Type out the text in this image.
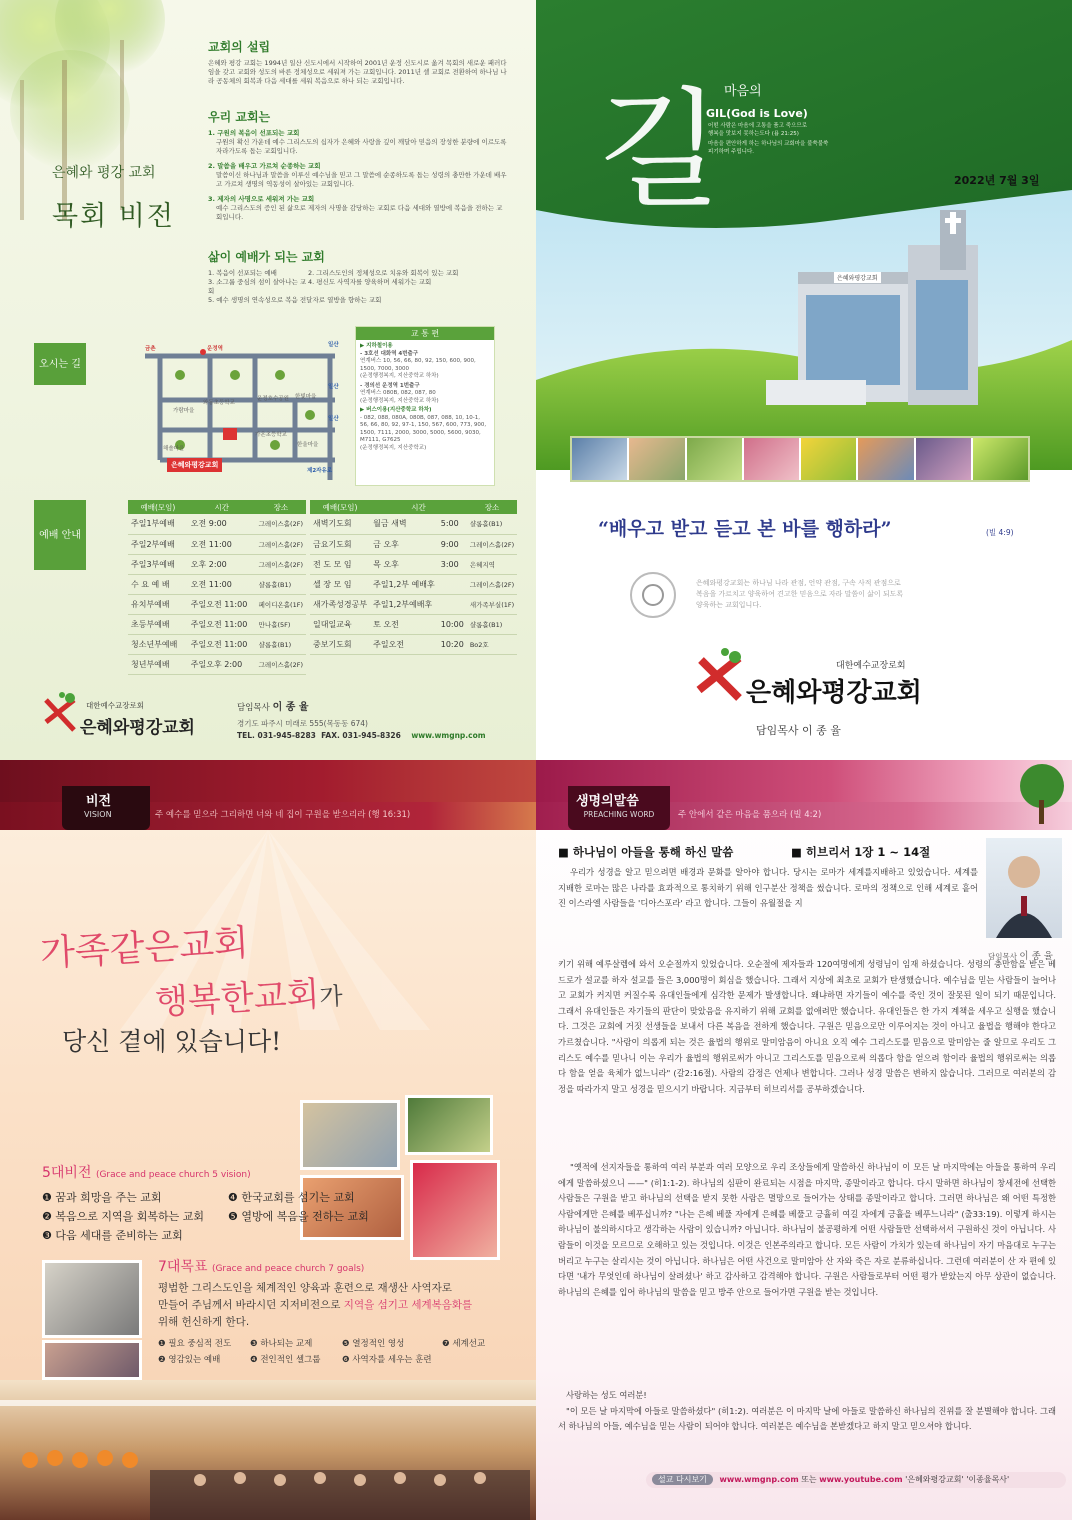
은혜와 평강 교회
목회 비전
교회의 설립
은혜와 평강 교회는 1994년 일산 신도시에서 시작하여 2001년 운정 신도시로 옮겨 목회의 새로운 패러다임을 갖고 교회와 성도의 바른 정체성으로 세워져 가는 교회입니다. 2011년 셀 교회로 전환하여 하나님 나라 공동체의 회복과 다음 세대를 세워 복음으로 하나 되는 교회입니다.
우리 교회는
1. 구원의 복음이 선포되는 교회
구원의 확신 가운데 예수 그리스도의 십자가 은혜와 사랑을 깊이 깨달아 믿음의 장성한 분량에 이르도록 자라가도록 돕는 교회입니다.
2. 말씀을 배우고 가르쳐 순종하는 교회
말씀이신 하나님과 말씀을 이루신 예수님을 믿고 그 말씀에 순종하도록 돕는 성령의 충만한 가운데 배우고 가르쳐 생명의 역동성이 살아있는 교회입니다.
3. 제자의 사명으로 세워져 가는 교회
예수 그리스도의 증인 된 삶으로 제자의 사명을 감당하는 교회로 다음 세대와 열방에 복음을 전하는 교회입니다.
삶이 예배가 되는 교회
1. 복음이 선포되는 예배	2. 그리스도인의 정체성으로 치유와 회복이 있는 교회
3. 소그룹 중심의 섬이 살아나는 교회
4. 평신도 사역자를 양육하며 세워가는 교회
5. 예수 생명의 연속성으로 복음 전달자로 열방을 향하는 교회
오시는 길
금촌	운정역
일산
일산
일산
제2자유로
가람마을
와동초등학교
운정호수공원 한빛마을
해솔마을
가온초등학교
한울마을
은혜와평강교회
교 통 편
▶ 지하철이용
- 3호선 대화역 4번출구
연계버스 10, 56, 66, 80, 92, 150, 600, 900, 1500, 7000, 3000
(운정행정복지, 지산중학교 하차)
- 경의선 운정역 1번출구
연계버스 080B, 082, 087, 80
(운정행정복지, 지산중학교 하차)
▶ 버스이용(지산중학교 하차)
- 082, 088, 080A, 080B, 087, 088, 10, 10-1, 56, 66, 80, 92, 97-1, 150, 567, 600, 773, 900, 1500, 7111, 2000, 3000, 5000, 5600, 9030, M7111, G7625
(운정행정복지, 지산중학교)
예배 안내
예배(모임)	시간	장소
주일1부예배	오전 9:00	그레이스홀(2F)
주일2부예배	오전 11:00	그레이스홀(2F)
주일3부예배	오후 2:00	그레이스홀(2F)
수 요 예 배	오전 11:00	샬롬홀(B1)
유치부예배	주일오전 11:00	페이디온홀(1F)
초등부예배	주일오전 11:00	만나홀(5F)
청소년부예배	주일오전 11:00	샬롬홀(B1)
청년부예배	주일오후 2:00	그레이스홀(2F)
예배(모임)	시간		장소
새벽기도회	월금 새벽	5:00	샬롬홀(B1)
금요기도회	금 오후	9:00	그레이스홀(2F)
전 도 모 임	목 오후	3:00	은혜지역
셀 장 모 임	주일1,2부 예배후		그레이스홀(2F)
새가족성경공부	주일1,2부예배후		새가족부실(1F)
일대일교육	토 오전	10:00	샬롬홀(B1)
중보기도회	주일오전	10:20	Bo2호
대한예수교장로회
은혜와평강교회
담임목사 이 종 율
경기도 파주시 미래로 555(목동동 674)
TEL. 031-945-8283 FAX. 031-945-8326 www.wmgnp.com
길 마음의
GIL(God is Love)
어떤 사람은 마음에 고통을 품고 죽으므로
행복을 맛보지 못하는도다 (욥 21:25)
마음을 편안하게 하는 하나님의 교회마을 불쑥불쑥
피기하며 주립니다.
2022년 7월 3일
은혜와평강교회
“배우고 받고 듣고 본 바를 행하라”	(빌 4:9)
은혜와평강교회는 하나님 나라 관점, 언약 관점, 구속 사적 관점으로
복음을 가르치고 양육하여 견고한 믿음으로 자라 말씀이 삶이 되도록
양육하는 교회입니다.
대한예수교장로회
은혜와평강교회
담임목사 이 종 율
비전
VISION	주 예수를 믿으라 그리하면 너와 네 집이 구원을 받으리라 (행 16:31)
가족같은교회
행복한교회가
당신 곁에 있습니다!
5대비전 (Grace and peace church 5 vision)
❶ 꿈과 희망을 주는 교회
❷ 복음으로 지역을 회복하는 교회
❸ 다음 세대를 준비하는 교회
❹ 한국교회를 섬기는 교회
❺ 열방에 복음을 전하는 교회
7대목표 (Grace and peace church 7 goals)
평범한 그리스도인을 체계적인 양육과 훈련으로 재생산 사역자로
만들어 주님께서 바라시던 지저비전으로 지역을 섬기고 세계복음화를
위해 헌신하게 한다.
❶ 필요 중심적 전도	❸ 하나되는 교제	❺ 열정적인 영성	❼ 세계선교
❷ 영감있는 예배	❹ 전인적인 셀그룹	❻ 사역자를 세우는 훈련
생명의말씀
PREACHING WORD	주 안에서 같은 마음을 품으라 (빌 4:2)
■ 하나님이 아들을 통해 하신 말씀	■ 히브리서 1장 1 ~ 14절
담임목사 이 종 율
우리가 성경을 알고 믿으려면 배경과 문화를 알아야 합니다. 당시는 로마가 세계를지배하고 있었습니다. 세계를 지배한 로마는 많은 나라를 효과적으로 통치하기 위해 인구분산 정책을 썼습니다. 로마의 정책으로 인해 세계로 흩어진 이스라엘 사람들을 '디아스포라' 라고 합니다. 그들이 유월절을 지
키기 위해 예루살렘에 와서 오순절까지 있었습니다. 오순절에 제자들과 120여명에게 성령님이 임재 하셨습니다. 성령의 충만함을 받은 베드로가 설교를 하자 설교를 들은 3,000명이 회심을 했습니다. 그래서 지상에 최초로 교회가 탄생했습니다. 예수님을 믿는 사람들이 늘어나고 교회가 커지면 커질수록 유대인들에게 심각한 문제가 발생합니다. 왜냐하면 자기들이 예수를 죽인 것이 잘못된 일이 되기 때문입니다. 그래서 유대인들은 자기들의 판단이 맞았음을 유지하기 위해 교회를 없애려만 했습니다. 유대인들은 한 가지 계책을 세우고 실행을 했습니다. 그것은 교회에 거짓 선생들을 보내서 다른 복음을 전하게 했습니다. 구원은 믿음으로만 이루어지는 것이 아니고 율법을 행해야 한다고 가르쳤습니다. "사람이 의롭게 되는 것은 율법의 행위로 말미암음이 아니요 오직 예수 그리스도를 믿음으로 말미암는 줄 알므로 우리도 그리스도 예수를 믿나니 이는 우리가 율법의 행위로써가 아니고 그리스도를 믿음으로써 의롭다 함을 얻으려 함이라 율법의 행위로써는 의롭다 함을 얻을 육체가 없느니라" (갈2:16절). 사람의 감정은 언제나 변합니다. 그러나 성경 말씀은 변하지 않습니다. 그러므로 여러분의 감정을 따라가지 말고 성경을 믿으시기 바랍니다. 지금부터 히브리서를 공부하겠습니다.
"옛적에 선지자들을 통하여 여러 부분과 여러 모양으로 우리 조상들에게 말씀하신 하나님이 이 모든 날 마지막에는 아들을 통하여 우리에게 말씀하셨으니 ——" (히1:1-2). 하나님의 심판이 완료되는 시점을 마지막, 종말이라고 합니다. 다시 말하면 하나님이 창세전에 선택한 사람들은 구원을 받고 하나님의 선택을 받지 못한 사람은 멸망으로 들어가는 상태를 종말이라고 합니다. 그러면 하나님은 왜 어떤 특정한 사람에게만 은혜를 베푸십니까? "나는 은혜 베풀 자에게 은혜를 베풀고 긍휼히 여길 자에게 긍휼을 베푸느니라" (출33:19). 이렇게 하시는 하나님이 불의하시다고 생각하는 사람이 있습니까? 아닙니다. 하나님이 불공평하게 어떤 사람들만 선택하셔서 구원하신 것이 아닙니다. 사람들이 이것을 모르므로 오해하고 있는 것입니다. 이것은 인본주의라고 합니다. 모든 사람이 가치가 있는데 하나님이 자기 마음대로 누구는 버리고 누구는 살리시는 것이 아닙니다. 하나님은 어떤 사건으로 말미암아 산 자와 죽은 자로 분류하십니다. 그런데 여러분이 산 자 편에 있다면 '내가 무엇인데 하나님이 살려셨나' 하고 감사하고 감격해야 합니다. 구원은 사람들로부터 어떤 평가 받았는지 아무 상관이 없습니다. 하나님의 은혜를 입어 하나님의 말씀을 믿고 방주 안으로 들어가면 구원을 받는 것입니다.
사랑하는 성도 여러분!
"이 모든 날 마지막에 아들로 말씀하셨다" (히1:2). 여러분은 이 마지막 날에 아들로 말씀하신 하나님의 진위를 잘 분별해야 합니다. 그래서 하나님의 아들, 예수님을 믿는 사람이 되어야 합니다. 여러분은 예수님을 본받겠다고 하지 말고 믿으셔야 합니다.
설교 다시보기 www.wmgnp.com 또는 www.youtube.com '은혜와평강교회' '이종율목사'
